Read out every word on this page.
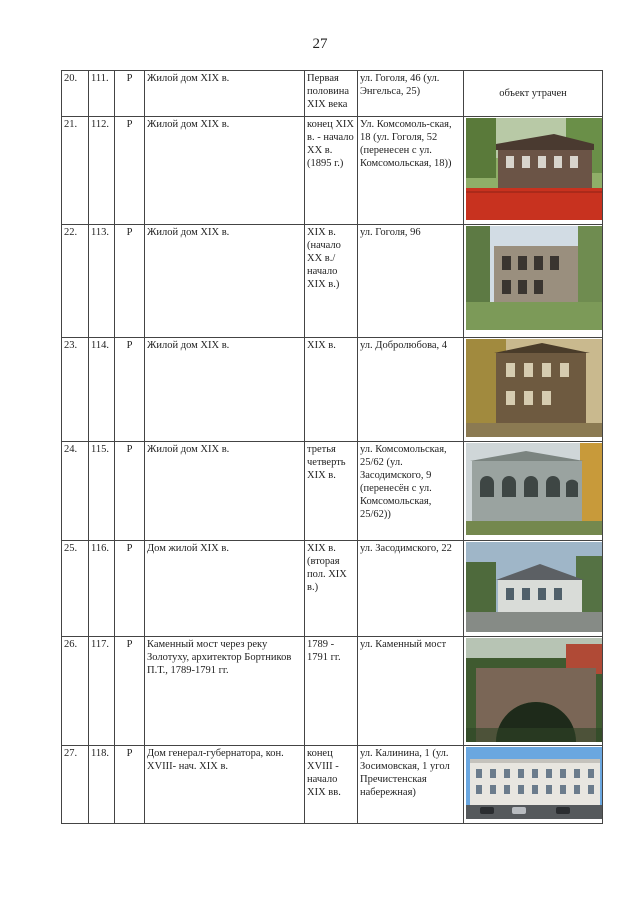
27
20.	111.	Р	Жилой дом XIX в.	Первая половина XIX века	ул. Гоголя, 46 (ул. Энгельса, 25)	объект утрачен
21.	112.	Р	Жилой дом XIX в.	конец XIX в. - начало XX в. (1895 г.)	Ул. Комсомоль-ская, 18 (ул. Гоголя, 52 (перенесен с ул. Комсомольская, 18))	

22.	113.	Р	Жилой дом XIX в.	XIX в. (начало XX в./ начало XIX в.)	ул. Гоголя, 96	

23.	114.	Р	Жилой дом XIX в.	XIX в.	ул. Добролюбова, 4	

24.	115.	Р	Жилой дом XIX в.	третья четверть XIX в.	ул. Комсомольская, 25/62 (ул. Засодимского, 9 (перенесён с ул. Комсомольская, 25/62))	

25.	116.	Р	Дом жилой XIX в.	XIX в. (вторая пол. XIX в.)	ул. Засодимского, 22	

26.	117.	Р	Каменный мост через реку Золотуху, архитектор Бортников П.Т., 1789-1791 гг.	1789 - 1791 гг.	ул. Каменный мост	

27.	118.	Р	Дом генерал-губернатора, кон. XVIII- нач. XIX в.	конец XVIII - начало XIX вв.	ул. Калинина, 1 (ул. Зосимовская, 1 угол Пречистенская набережная)	
